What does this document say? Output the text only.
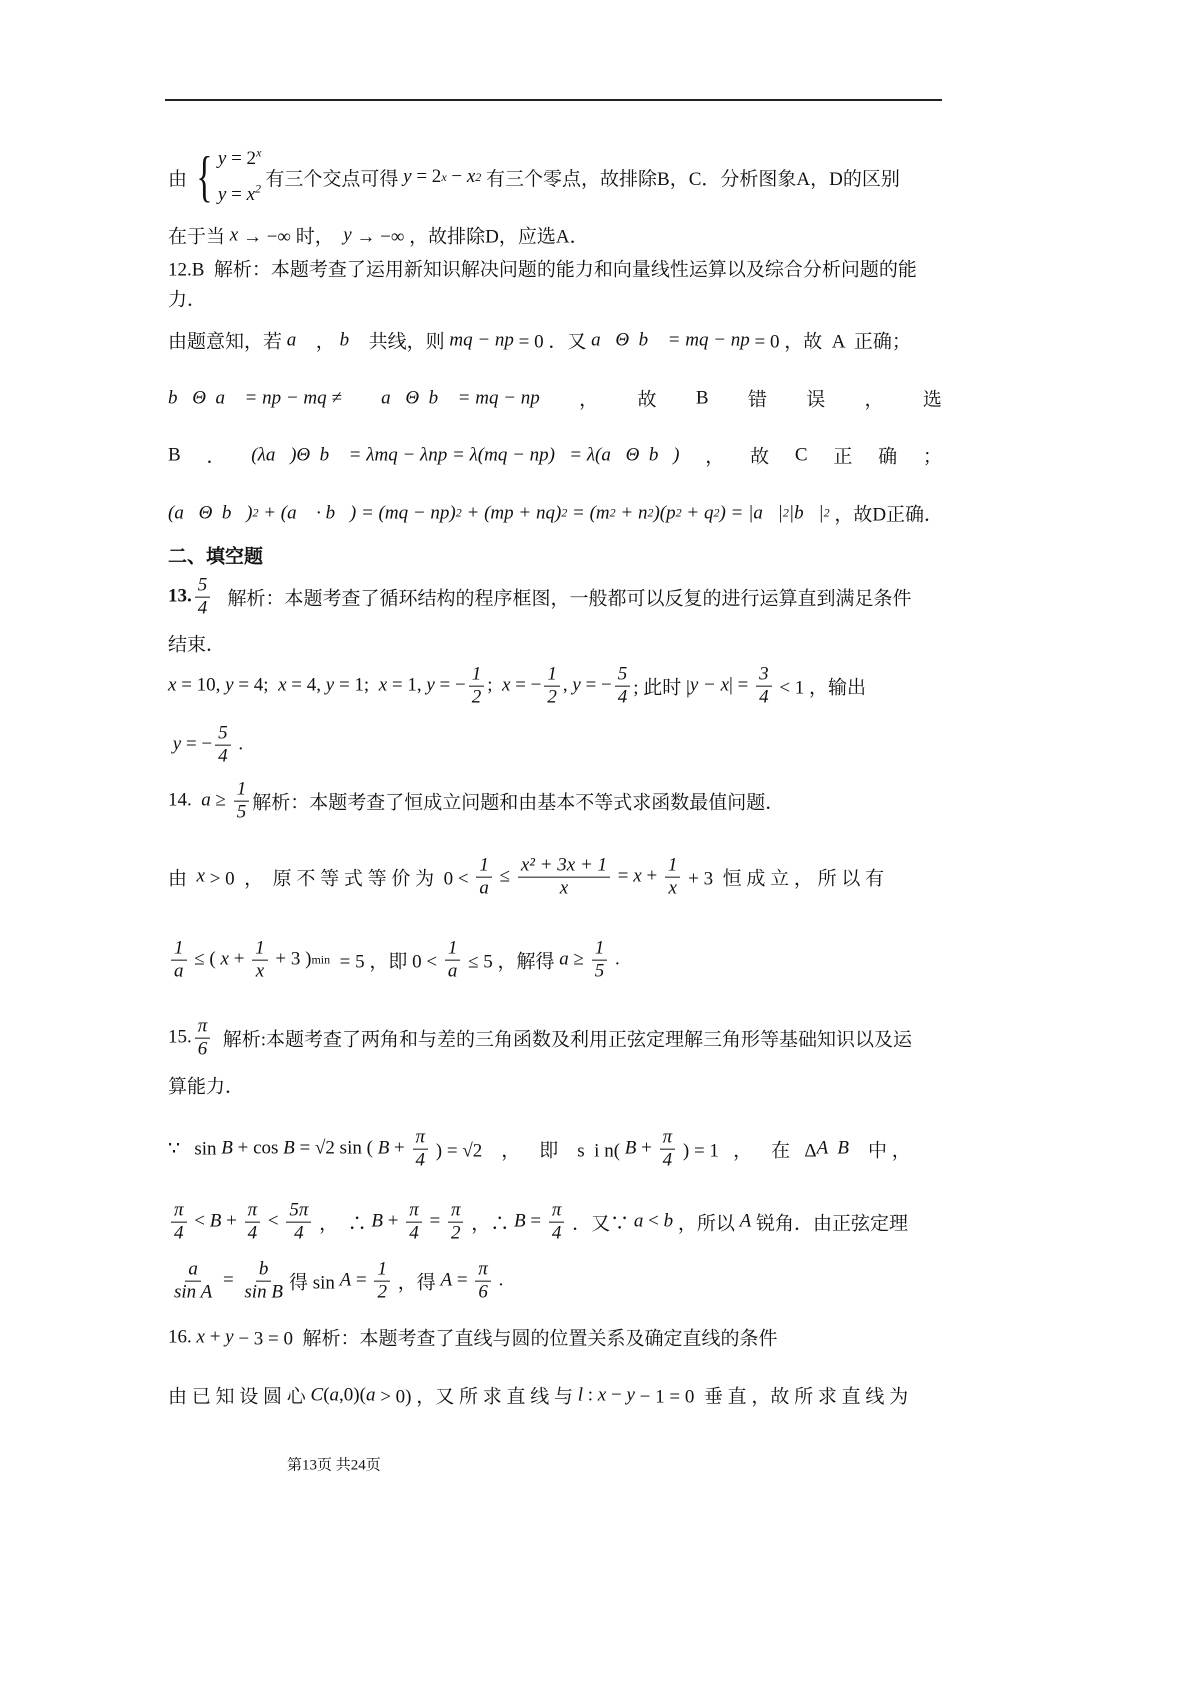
由 { $y = 2^x$
$y = x^2$ 有三个交点可得 y = 2 x − x 2 有三个零点，故排除B，C．分析图象A，D的区别
在于当 x → −∞ 时， y → −∞ ，故排除D，应选A．
12.B  解析：本题考查了运用新知识解决问题的能力和向量线性运算以及综合分析问题的能
力．
由题意知，若 a⃗ ， b⃗ 共线，则 mq − np = 0 ．又 a⃗Θ  b⃗ = mq − np = 0 ，故  A  正确；
b⃗Θ  a⃗ = np − mq ≠ a⃗Θ  b⃗ = mq − np ， 故 B 错 误 ， 选
B ． (λa⃗)Θ  b⃗ = λmq − λnp = λ(mq − np)   = λ(a⃗Θ  b⃗) ， 故 C 正 确 ；
(a⃗Θ  b⃗) 2 + (a⃗ · b⃗) = (mq − np) 2 + (mp + nq) 2 = (m 2 + n 2 )(p 2 + q 2 ) = |a⃗| 2 |b⃗| 2 ，故D正确．
二、填空题
13. $\frac{5}{4}$ 解析：本题考查了循环结构的程序框图，一般都可以反复的进行运算直到满足条件
结束．
x = 10, y = 4; x = 4, y = 1; x = 1, y = − $\frac{1}{2}$ ; x = − $\frac{1}{2}$ , y = − $\frac{5}{4}$ ; 此时 | y − x | = $\frac{3}{4} < 1$ ，输出

y = − $\frac{5}{4}$ .
14. $a \ge \frac{1}{5}$ 解析：本题考查了恒成立问题和由基本不等式求函数最值问题．
由 x > 0  ，  原 不 等 式 等 价 为  $0 < \frac{1}{a} \le \frac{\text{x² + 3x + 1}}{x} = x + \frac{1}{x} + 3$  恒 成 立 ， 所 以 有
$\frac{1}{a}$ ≤ ( $x + \frac{1}{x} + 3$ ) min = 5 ，即 $0 < \frac{1}{a} \le 5$ ，解得 $a \ge \frac{1}{5}$ .
15. $\frac{\pi}{6}$ 解析:本题考查了两角和与差的三角函数及利用正弦定理解三角形等基础知识以及运
算能力．
∵   sin B + cos B = √2 sin ( $B + \frac{\pi}{4}$ ) = √2    ，    即    s  i n( $B + \frac{\pi}{4}$ ) = 1   ，    在   Δ A  B 中 ，
$\frac{\pi}{4} < B + \frac{\pi}{4} < \frac{5\pi}{4}$ ，  ∴ $B + \frac{\pi}{4} = \frac{\pi}{2}$ ，∴ $B = \frac{\pi}{4}$ ．又∵ a < b ，所以 A 锐角．由正弦定理
$\frac{a}{\text{sin A}} = \frac{b}{\text{sin B}}$ 得 $\sin A = \frac{1}{2}$ ，得 $A = \frac{\pi}{6}$ .
16. x + y − 3 = 0  解析：本题考查了直线与圆的位置关系及确定直线的条件
由 已 知 设 圆 心 C ( a ,0)( a > 0) ，又 所 求 直 线 与 l : x − y − 1 = 0  垂 直 ，故 所 求 直 线 为
第13页 共24页
